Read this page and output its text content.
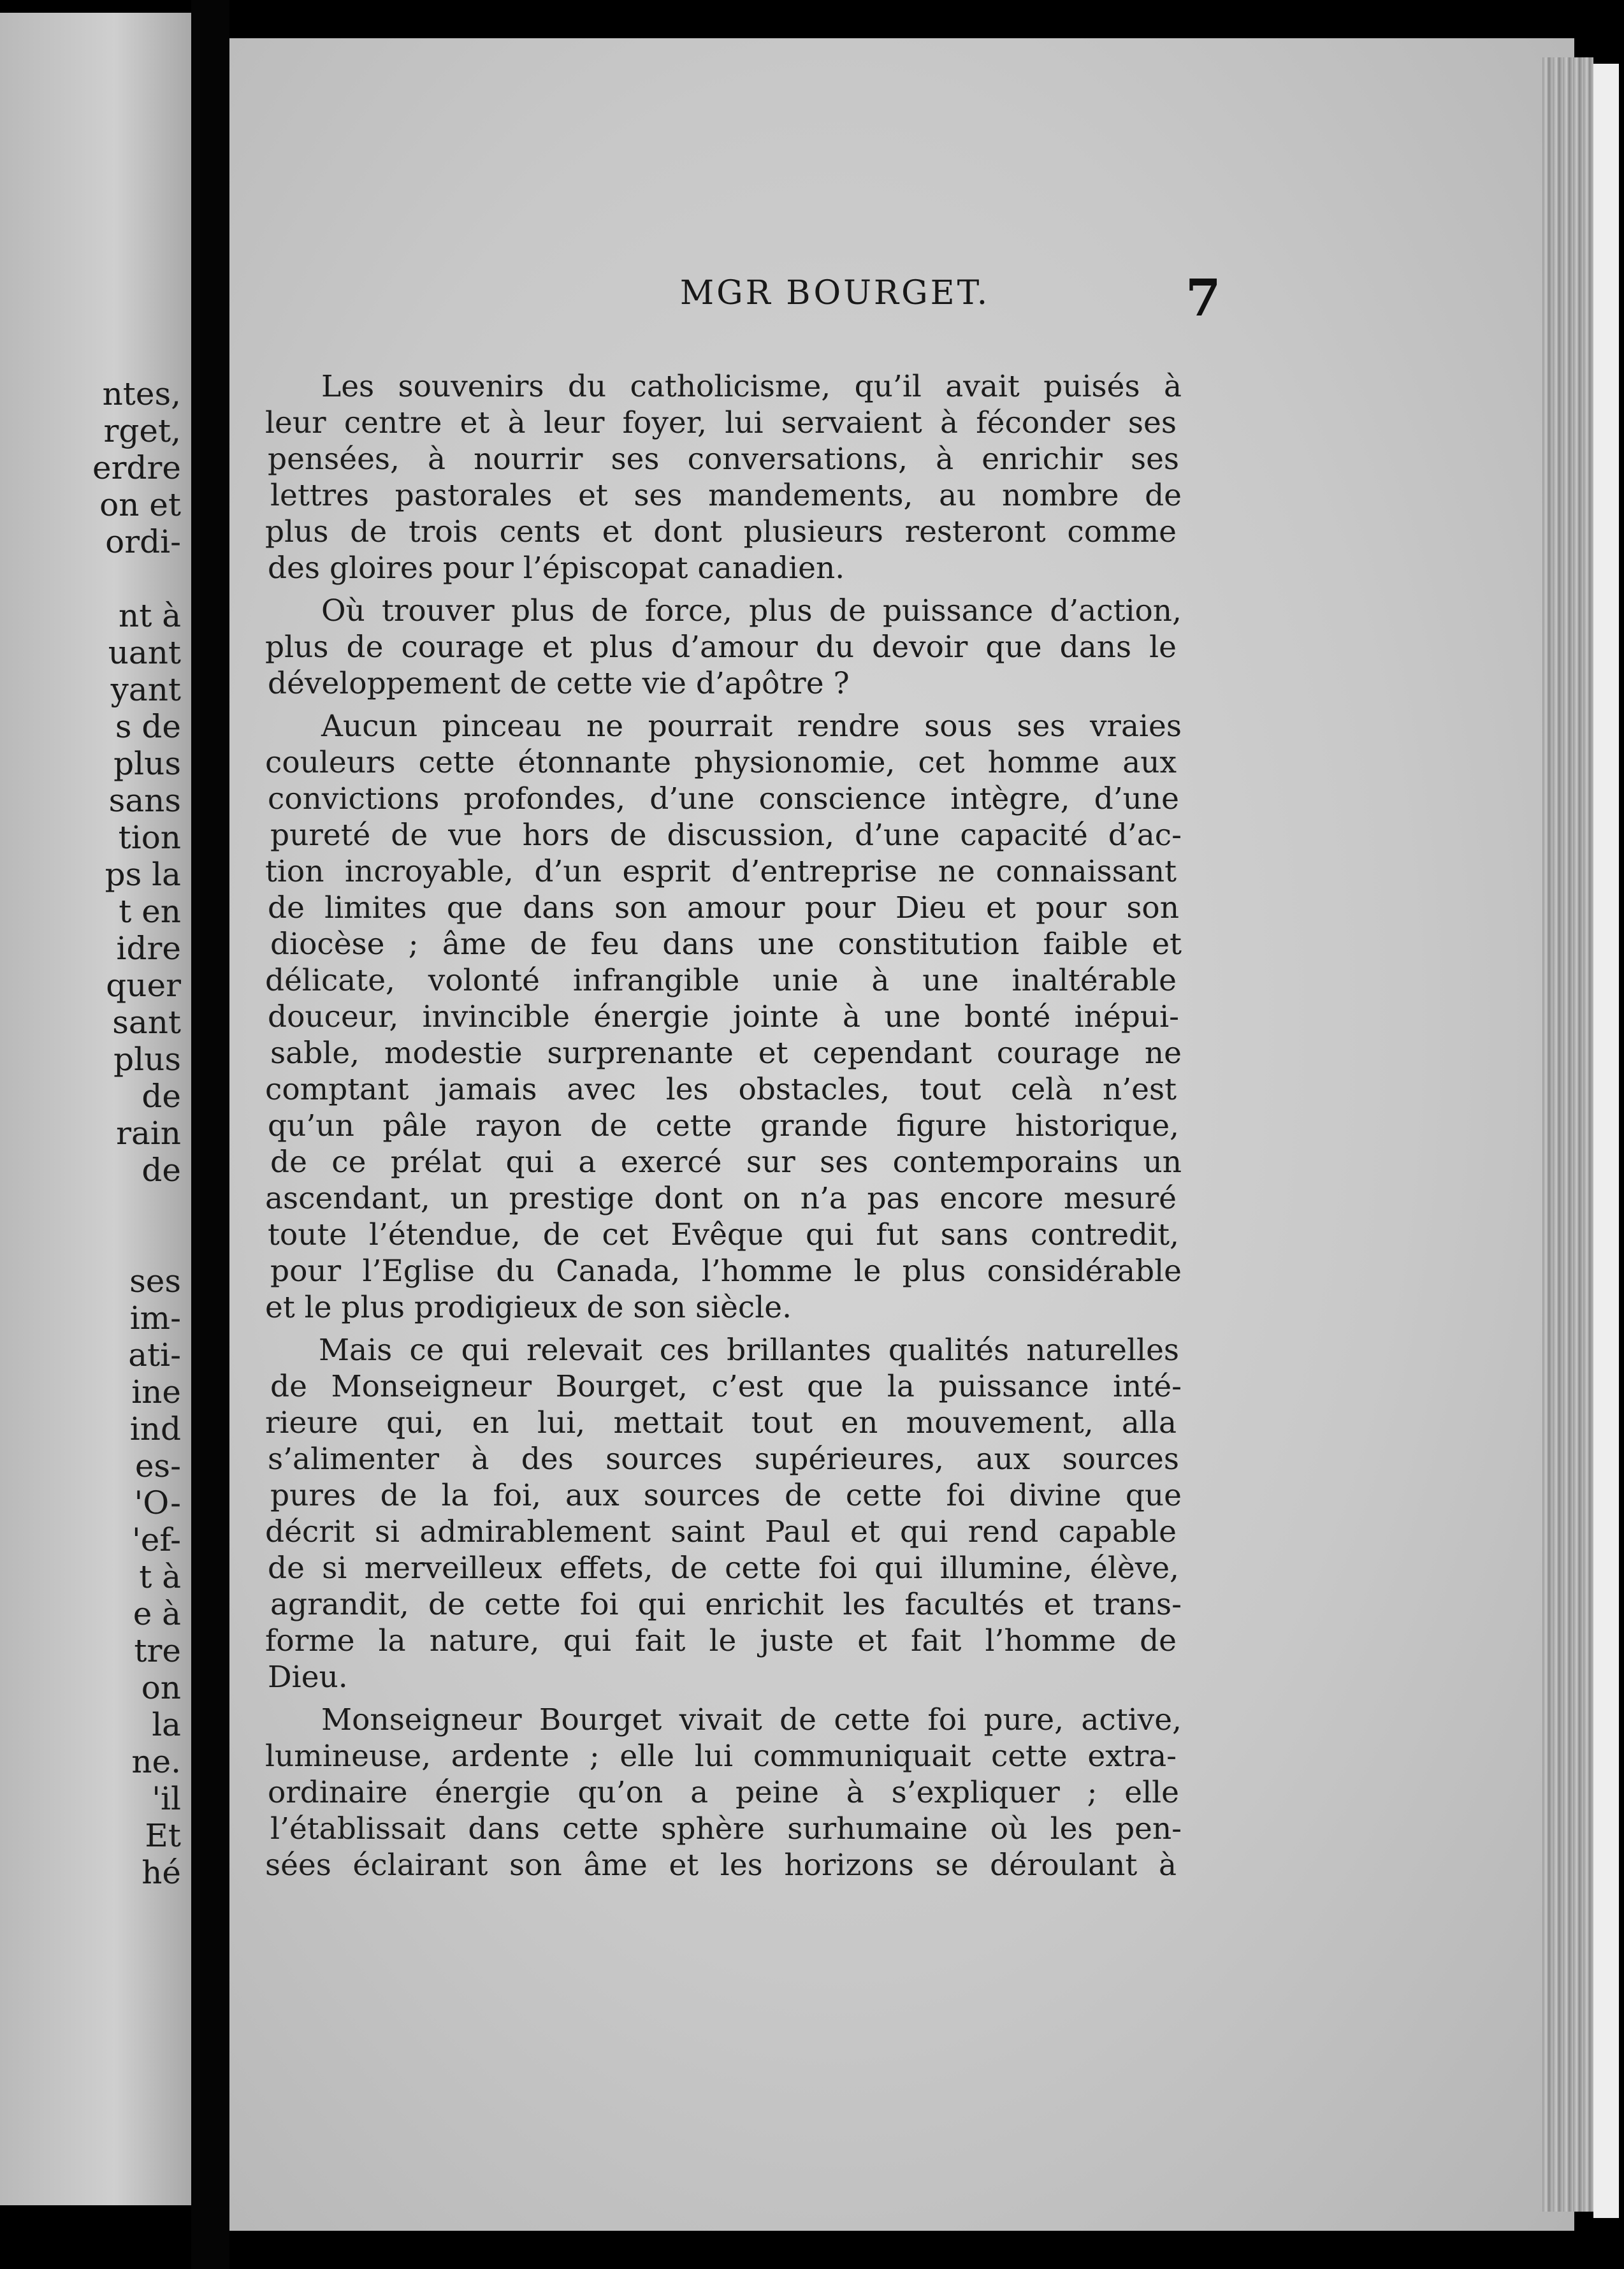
ntes,
rget,
erdre
on et
ordi-
nt à
uant
yant
s de
plus
sans
tion
ps la
t en
idre
quer
sant
plus
de
rain
de
ses
im-
ati-
ine
ind
es-
'O-
'ef-
t à
e à
tre
on
la
ne.
'il
Et
hé
MGR BOURGET.	7
Les souvenirs du catholicisme, qu’il avait puisés à
leur centre et à leur foyer, lui servaient à féconder ses
pensées, à nourrir ses conversations, à enrichir ses
lettres pastorales et ses mandements, au nombre de
plus de trois cents et dont plusieurs resteront comme
des gloires pour l’épiscopat canadien.
Où trouver plus de force, plus de puissance d’action,
plus de courage et plus d’amour du devoir que dans le
développement de cette vie d’apôtre ?
Aucun pinceau ne pourrait rendre sous ses vraies
couleurs cette étonnante physionomie, cet homme aux
convictions profondes, d’une conscience intègre, d’une
pureté de vue hors de discussion, d’une capacité d’ac-
tion incroyable, d’un esprit d’entreprise ne connaissant
de limites que dans son amour pour Dieu et pour son
diocèse ; âme de feu dans une constitution faible et
délicate, volonté infrangible unie à une inaltérable
douceur, invincible énergie jointe à une bonté inépui-
sable, modestie surprenante et cependant courage ne
comptant jamais avec les obstacles, tout celà n’est
qu’un pâle rayon de cette grande figure historique,
de ce prélat qui a exercé sur ses contemporains un
ascendant, un prestige dont on n’a pas encore mesuré
toute l’étendue, de cet Evêque qui fut sans contredit,
pour l’Eglise du Canada, l’homme le plus considérable
et le plus prodigieux de son siècle.
Mais ce qui relevait ces brillantes qualités naturelles
de Monseigneur Bourget, c’est que la puissance inté-
rieure qui, en lui, mettait tout en mouvement, alla
s’alimenter à des sources supérieures, aux sources
pures de la foi, aux sources de cette foi divine que
décrit si admirablement saint Paul et qui rend capable
de si merveilleux effets, de cette foi qui illumine, élève,
agrandit, de cette foi qui enrichit les facultés et trans-
forme la nature, qui fait le juste et fait l’homme de
Dieu.
Monseigneur Bourget vivait de cette foi pure, active,
lumineuse, ardente ; elle lui communiquait cette extra-
ordinaire énergie qu’on a peine à s’expliquer ; elle
l’établissait dans cette sphère surhumaine où les pen-
sées éclairant son âme et les horizons se déroulant à
